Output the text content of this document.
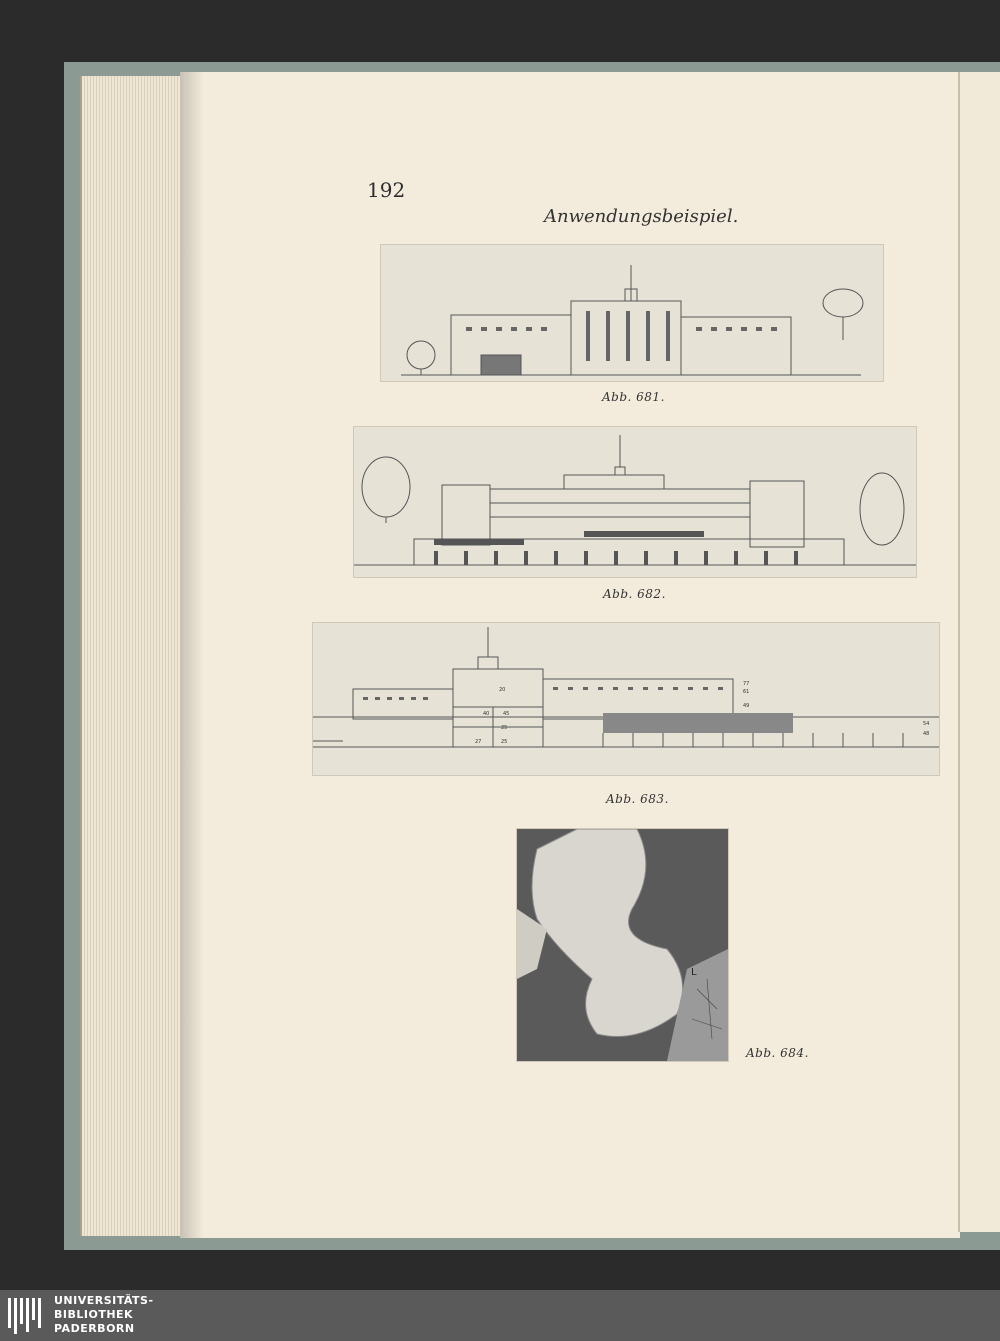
192
Anwendungsbeispiel.
Abb. 681.
Abb. 682.
20
40	45
25
27	25
77
61
49
54
48
Abb. 683.
L
Abb. 684.
UNIVERSITÄTS-
BIBLIOTHEK
PADERBORN
